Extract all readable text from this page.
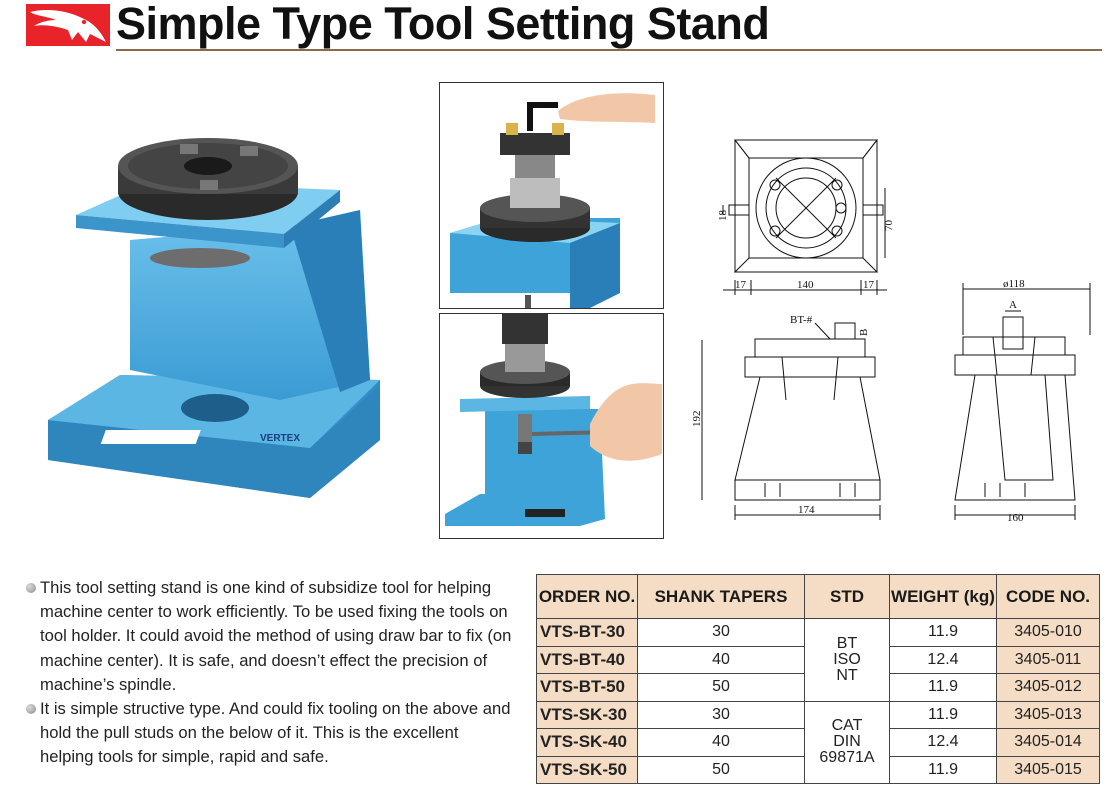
Simple Type Tool Setting Stand
VERTEX
17	140	17
18
70
BT-#
B
192
174
ø118
A
160

This tool setting stand is one kind of subsidize tool for helping machine center to work efficiently. To be used fixing the tools on tool holder. It could avoid the method of using draw bar to fix (on machine center). It is safe, and doesn’t effect the precision of machine’s spindle.

It is simple structive type. And could fix tooling on the above and hold the pull studs on the below of it. This is the excellent helping tools for simple, rapid and safe.

ORDER NO.	SHANK TAPERS	STD	WEIGHT (kg)	CODE NO.
VTS-BT-30	30	BT
ISO
NT	11.9	3405-010
VTS-BT-40	40		12.4	3405-011
VTS-BT-50	50		11.9	3405-012
VTS-SK-30	30	CAT
DIN
69871A	11.9	3405-013
VTS-SK-40	40		12.4	3405-014
VTS-SK-50	50		11.9	3405-015
